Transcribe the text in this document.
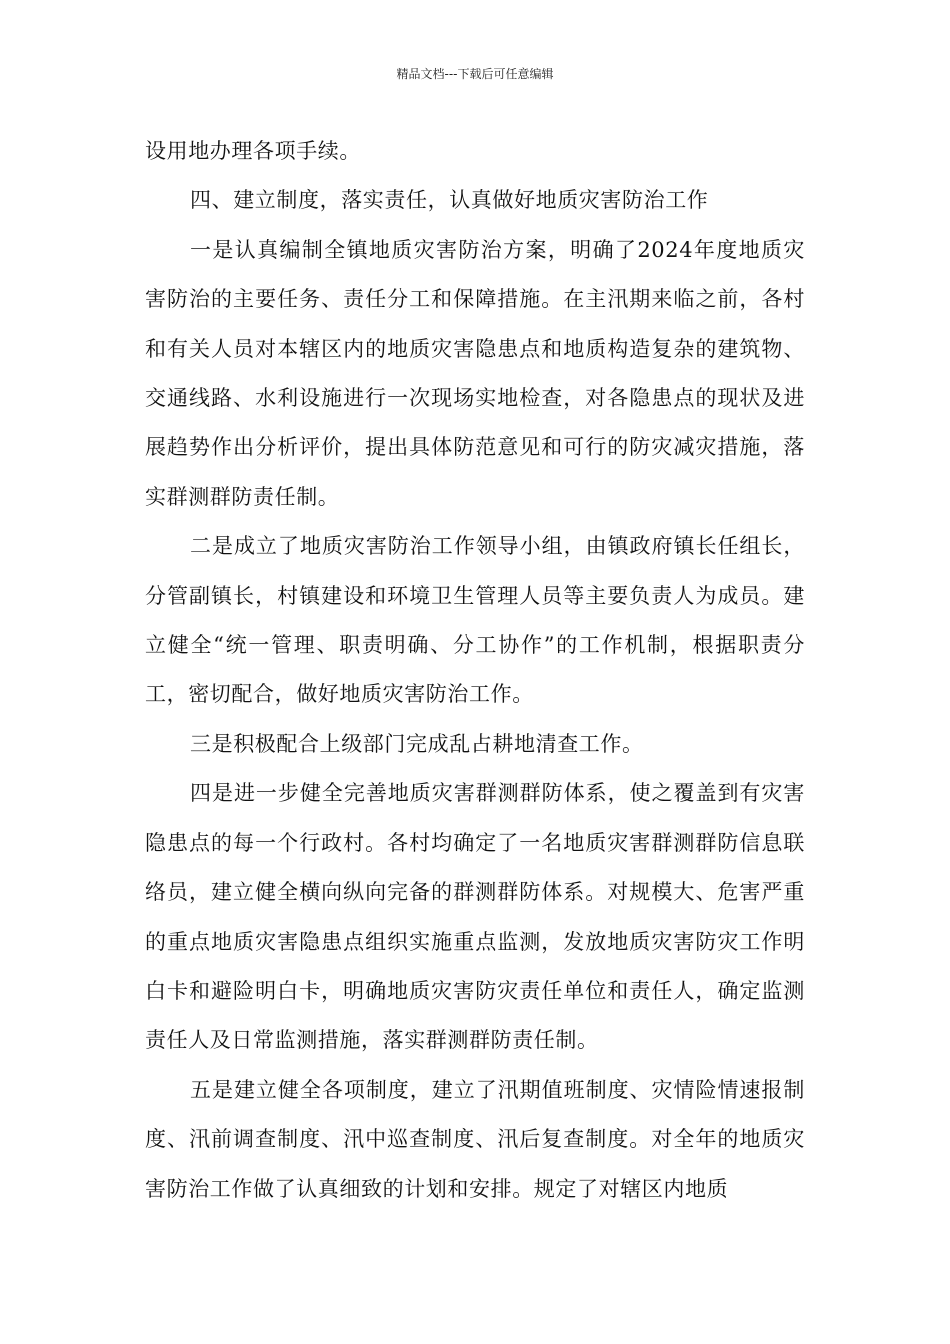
精品文档---下载后可任意编辑

设用地办理各项手续。

四、建立制度，落实责任，认真做好地质灾害防治工作

一是认真编制全镇地质灾害防治方案，明确了2024年度地质灾害防治的主要任务、责任分工和保障措施。在主汛期来临之前，各村和有关人员对本辖区内的地质灾害隐患点和地质构造复杂的建筑物、交通线路、水利设施进行一次现场实地检查，对各隐患点的现状及进展趋势作出分析评价，提出具体防范意见和可行的防灾减灾措施，落实群测群防责任制。

二是成立了地质灾害防治工作领导小组，由镇政府镇长任组长，分管副镇长，村镇建设和环境卫生管理人员等主要负责人为成员。建立健全“统一管理、职责明确、分工协作”的工作机制，根据职责分工，密切配合，做好地质灾害防治工作。

三是积极配合上级部门完成乱占耕地清查工作。

四是进一步健全完善地质灾害群测群防体系，使之覆盖到有灾害隐患点的每一个行政村。各村均确定了一名地质灾害群测群防信息联络员，建立健全横向纵向完备的群测群防体系。对规模大、危害严重的重点地质灾害隐患点组织实施重点监测，发放地质灾害防灾工作明白卡和避险明白卡，明确地质灾害防灾责任单位和责任人，确定监测责任人及日常监测措施，落实群测群防责任制。

五是建立健全各项制度，建立了汛期值班制度、灾情险情速报制度、汛前调查制度、汛中巡查制度、汛后复查制度。对全年的地质灾害防治工作做了认真细致的计划和安排。规定了对辖区内地质
